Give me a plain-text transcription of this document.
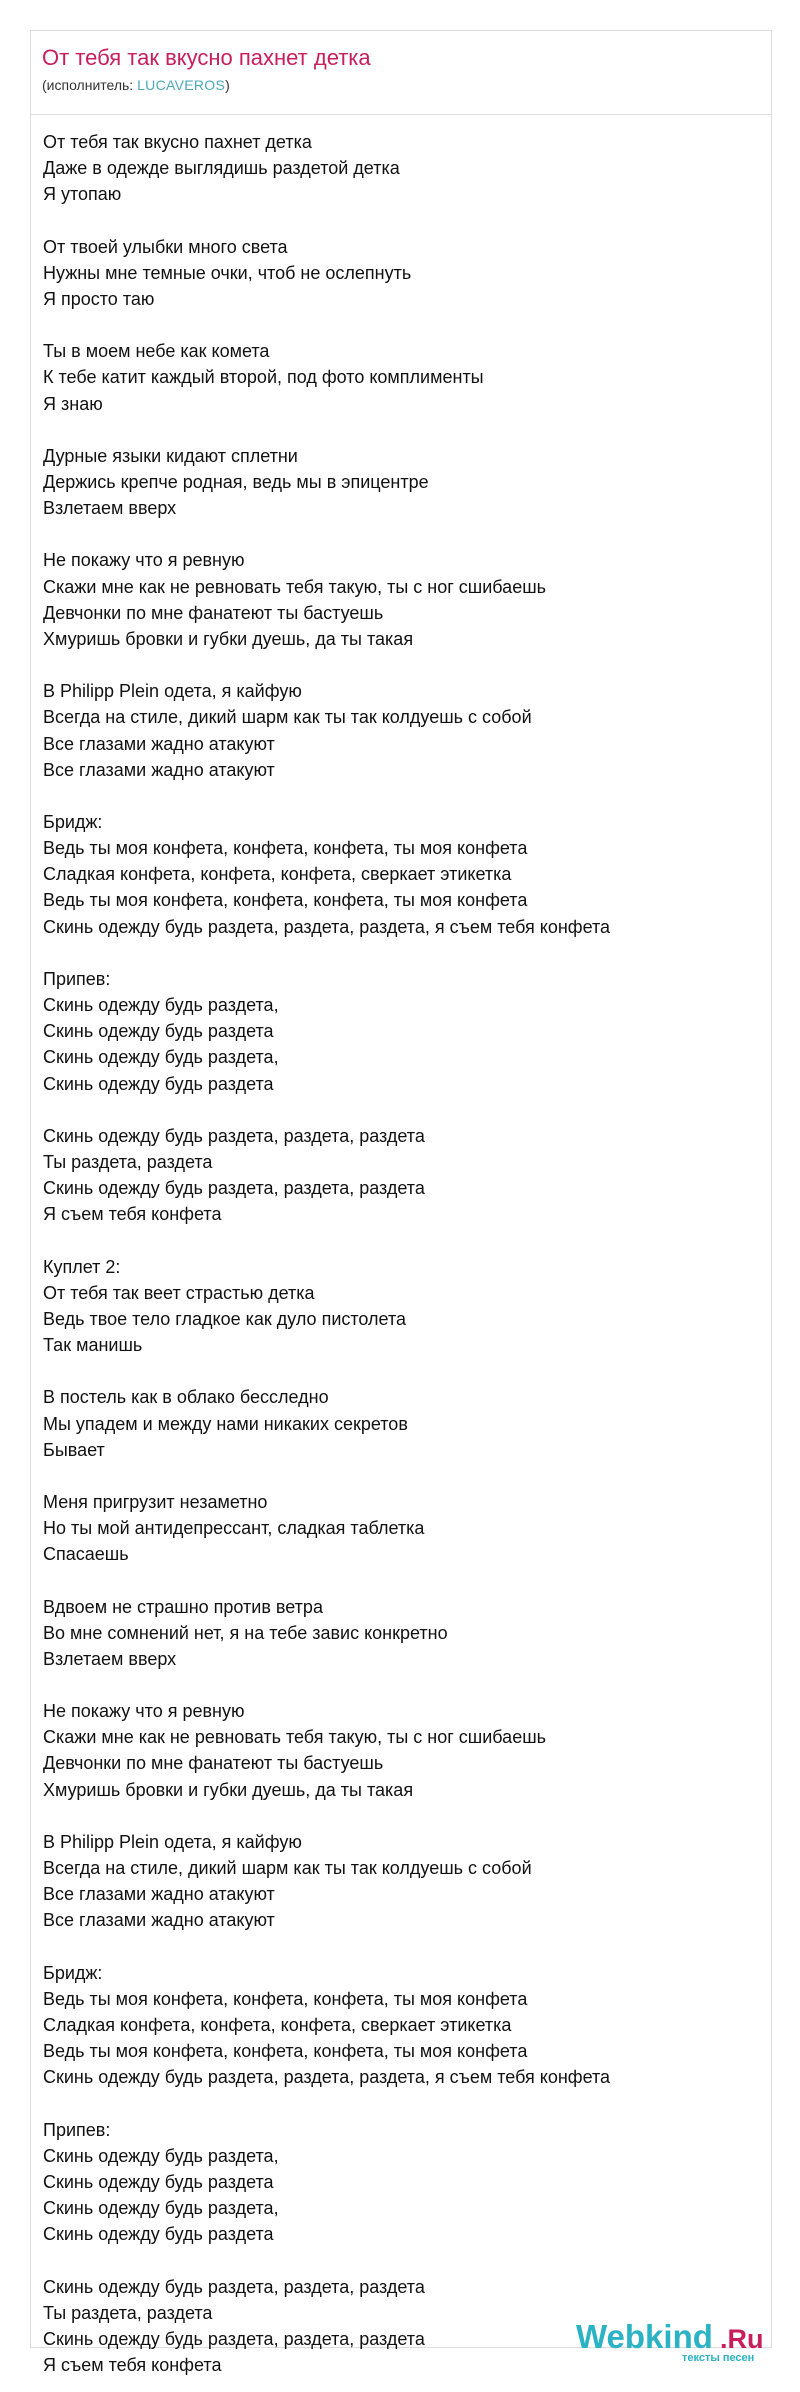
От тебя так вкусно пахнет детка
(исполнитель: LUCAVEROS)
От тебя так вкусно пахнет детка
Даже в одежде выглядишь раздетой детка
Я утопаю
От твоей улыбки много света
Нужны мне темные очки, чтоб не ослепнуть
Я просто таю
Ты в моем небе как комета
К тебе катит каждый второй, под фото комплименты
Я знаю
Дурные языки кидают сплетни
Держись крепче родная, ведь мы в эпицентре
Взлетаем вверх
Не покажу что я ревную
Скажи мне как не ревновать тебя такую, ты с ног сшибаешь
Девчонки по мне фанатеют ты бастуешь
Хмуришь бровки и губки дуешь, да ты такая
В Philipp Plein одета, я кайфую
Всегда на стиле, дикий шарм как ты так колдуешь с собой
Все глазами жадно атакуют
Все глазами жадно атакуют
Бридж:
Ведь ты моя конфета, конфета, конфета, ты моя конфета
Сладкая конфета, конфета, конфета, сверкает этикетка
Ведь ты моя конфета, конфета, конфета, ты моя конфета
Скинь одежду будь раздета, раздета, раздета, я съем тебя конфета
Припев:
Скинь одежду будь раздета,
Скинь одежду будь раздета
Скинь одежду будь раздета,
Скинь одежду будь раздета
Скинь одежду будь раздета, раздета, раздета
Ты раздета, раздета
Скинь одежду будь раздета, раздета, раздета
Я съем тебя конфета
Куплет 2:
От тебя так веет страстью детка
Ведь твое тело гладкое как дуло пистолета
Так манишь
В постель как в облако бесследно
Мы упадем и между нами никаких секретов
Бывает
Меня пригрузит незаметно
Но ты мой антидепрессант, сладкая таблетка
Спасаешь
Вдвоем не страшно против ветра
Во мне сомнений нет, я на тебе завис конкретно
Взлетаем вверх
Не покажу что я ревную
Скажи мне как не ревновать тебя такую, ты с ног сшибаешь
Девчонки по мне фанатеют ты бастуешь
Хмуришь бровки и губки дуешь, да ты такая
В Philipp Plein одета, я кайфую
Всегда на стиле, дикий шарм как ты так колдуешь с собой
Все глазами жадно атакуют
Все глазами жадно атакуют
Бридж:
Ведь ты моя конфета, конфета, конфета, ты моя конфета
Сладкая конфета, конфета, конфета, сверкает этикетка
Ведь ты моя конфета, конфета, конфета, ты моя конфета
Скинь одежду будь раздета, раздета, раздета, я съем тебя конфета
Припев:
Скинь одежду будь раздета,
Скинь одежду будь раздета
Скинь одежду будь раздета,
Скинь одежду будь раздета
Скинь одежду будь раздета, раздета, раздета
Ты раздета, раздета
Скинь одежду будь раздета, раздета, раздета
Я съем тебя конфета
Webkind .Ru
тексты песен
